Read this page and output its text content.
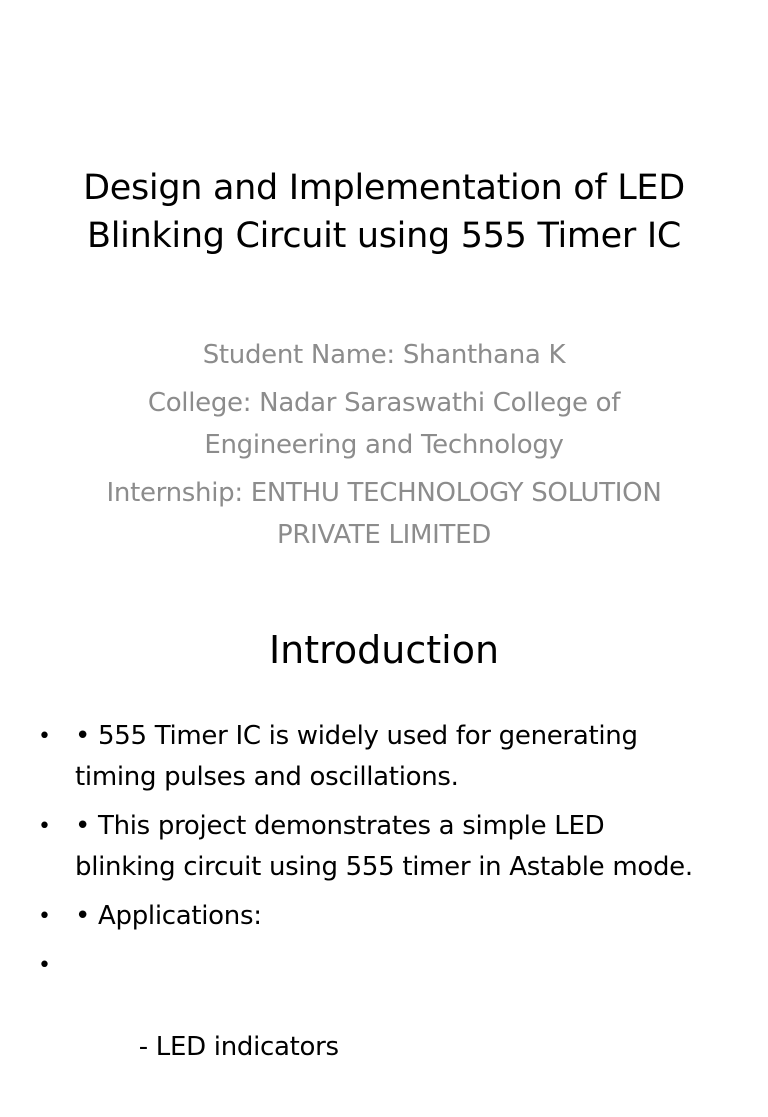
Design and Implementation of LED Blinking Circuit using 555 Timer IC

Student Name: Shanthana K

College: Nadar Saraswathi College of Engineering and Technology

Internship: ENTHU TECHNOLOGY SOLUTION PRIVATE LIMITED

Introduction
• • 555 Timer IC is widely used for generating timing pulses and oscillations.
• • This project demonstrates a simple LED blinking circuit using 555 timer in Astable mode.
• • Applications:

•

- LED indicators
